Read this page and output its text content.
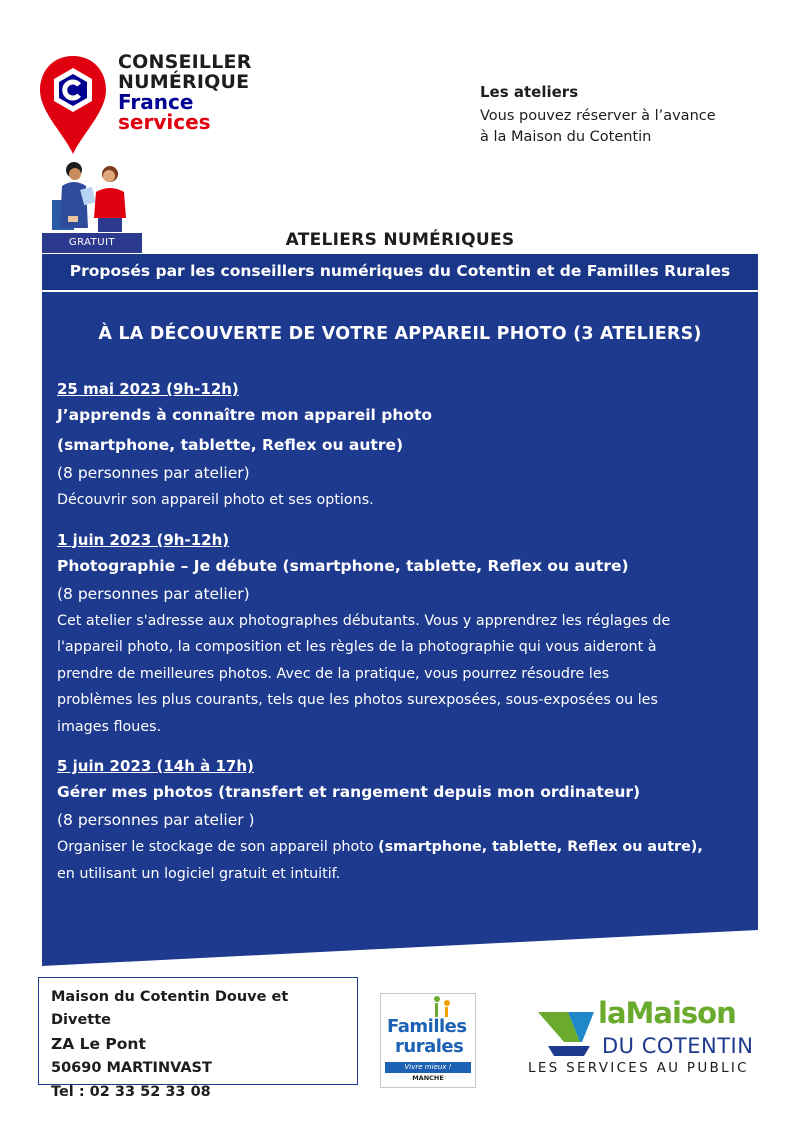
CONSEILLER
NUMÉRIQUE
France
services
Les ateliers
Vous pouvez réserver à l’avance
à la Maison du Cotentin
GRATUIT	ATELIERS NUMÉRIQUES
Proposés par les conseillers numériques du Cotentin et de Familles Rurales
À LA DÉCOUVERTE DE VOTRE APPAREIL PHOTO (3 ATELIERS)
25 mai 2023 (9h-12h)
J’apprends à connaître mon appareil photo
(smartphone, tablette, Reflex ou autre)
(8 personnes par atelier)
Découvrir son appareil photo et ses options.
1 juin 2023 (9h-12h)
Photographie – Je débute (smartphone, tablette, Reflex ou autre)
(8 personnes par atelier)
Cet atelier s'adresse aux photographes débutants. Vous y apprendrez les réglages de
l'appareil photo, la composition et les règles de la photographie qui vous aideront à
prendre de meilleures photos. Avec de la pratique, vous pourrez résoudre les
problèmes les plus courants, tels que les photos surexposées, sous-exposées ou les
images floues.
5 juin 2023 (14h à 17h)
Gérer mes photos (transfert et rangement depuis mon ordinateur)
(8 personnes par atelier )
Organiser le stockage de son appareil photo (smartphone, tablette, Reflex ou autre),
en utilisant un logiciel gratuit et intuitif.
Maison du Cotentin Douve et Divette
ZA Le Pont
50690 MARTINVAST
Tel : 02 33 52 33 08
Familles
rurales
Vivre mieux !
MANCHE
laMaison
DU COTENTIN
LES SERVICES AU PUBLIC
